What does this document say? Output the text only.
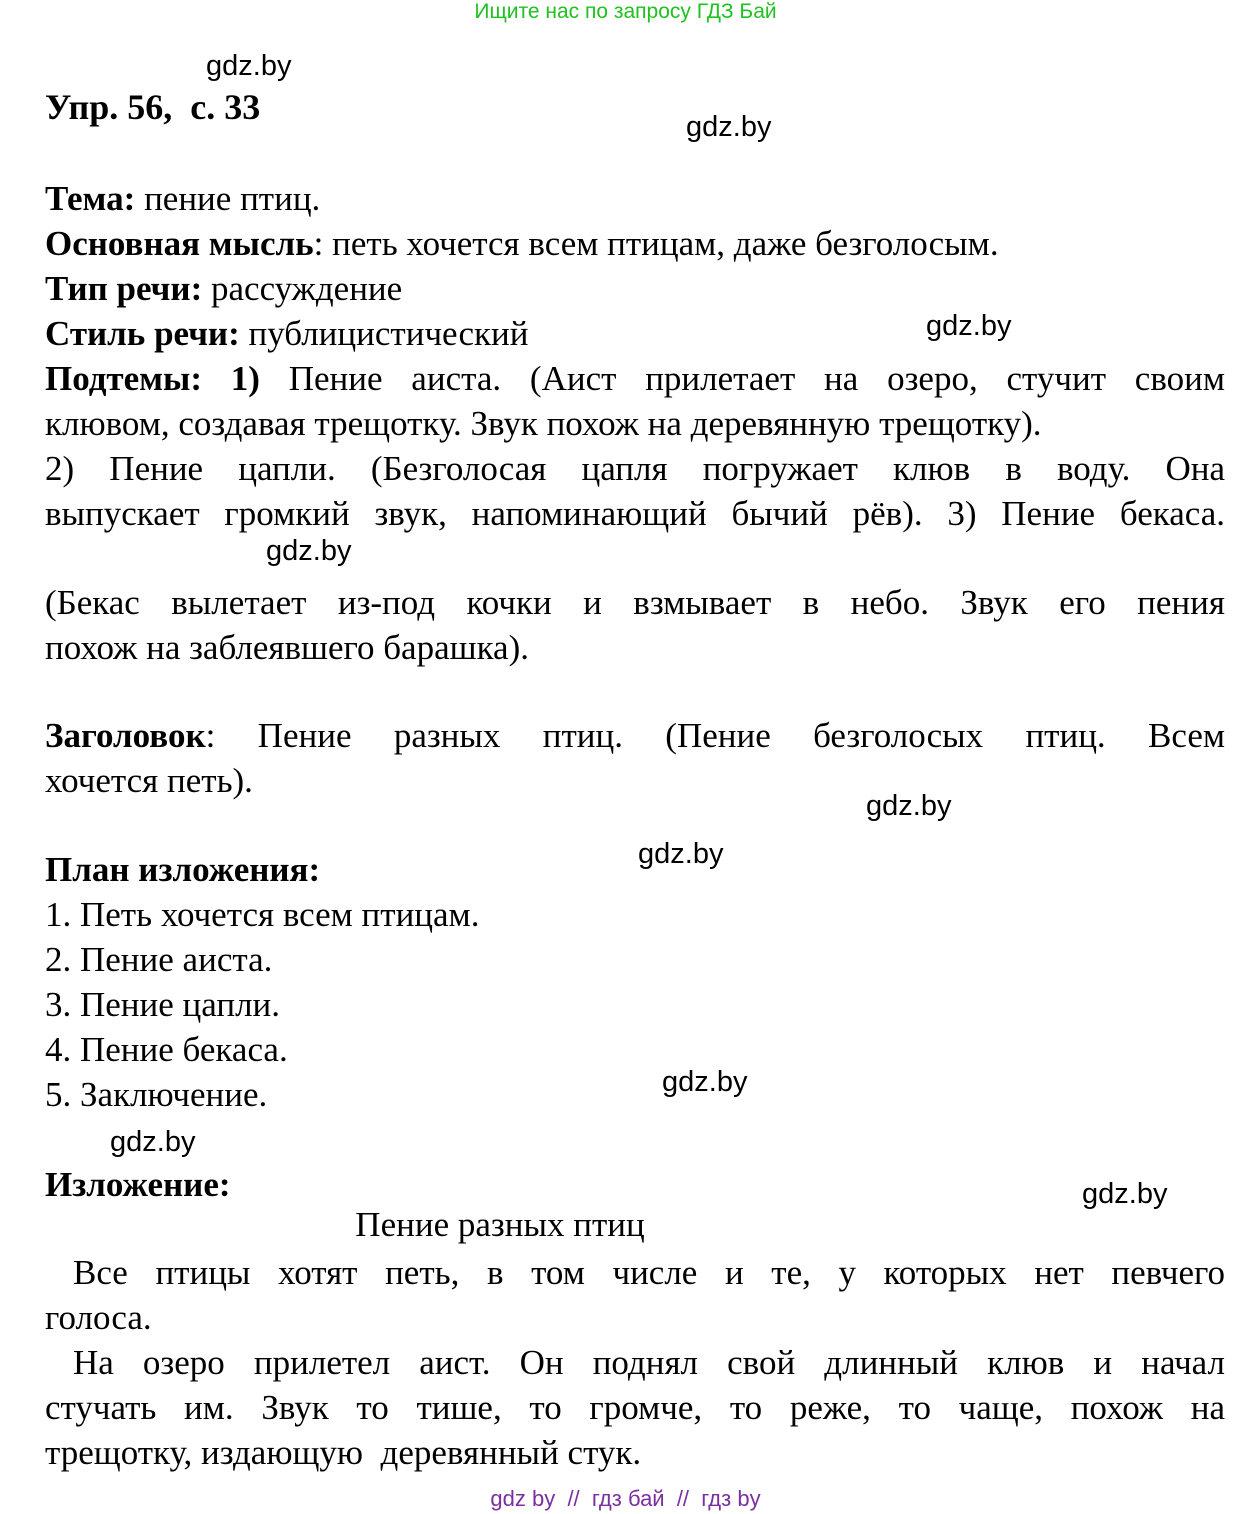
Ищите нас по запросу ГДЗ Бай
gdz.by
gdz.by
gdz.by
gdz.by
gdz.by
gdz.by
gdz.by
gdz.by
gdz.by
Упр. 56,  с. 33
Тема: пение птиц.
Основная мысль: петь хочется всем птицам, даже безголосым.
Тип речи: рассуждение
Стиль речи: публицистический
Подтемы: 1) Пение аиста. (Аист прилетает на озеро, стучит своим
клювом, создавая трещотку. Звук похож на деревянную трещотку).
2) Пение цапли. (Безголосая цапля погружает клюв в воду. Она
выпускает громкий звук, напоминающий бычий рёв). 3) Пение бекаса.
(Бекас вылетает из-под кочки и взмывает в небо. Звук его пения
похож на заблеявшего барашка).
Заголовок: Пение разных птиц. (Пение безголосых птиц. Всем
хочется петь).
План изложения:
1. Петь хочется всем птицам.
2. Пение аиста.
3. Пение цапли.
4. Пение бекаса.
5. Заключение.
Изложение:
Пение разных птиц
Все птицы хотят петь, в том числе и те, у которых нет певчего
голоса.
На озеро прилетел аист. Он поднял свой длинный клюв и начал
стучать им. Звук то тише, то громче, то реже, то чаще, похож на
трещотку, издающую  деревянный стук.
gdz by  //  гдз бай  //  гдз by
